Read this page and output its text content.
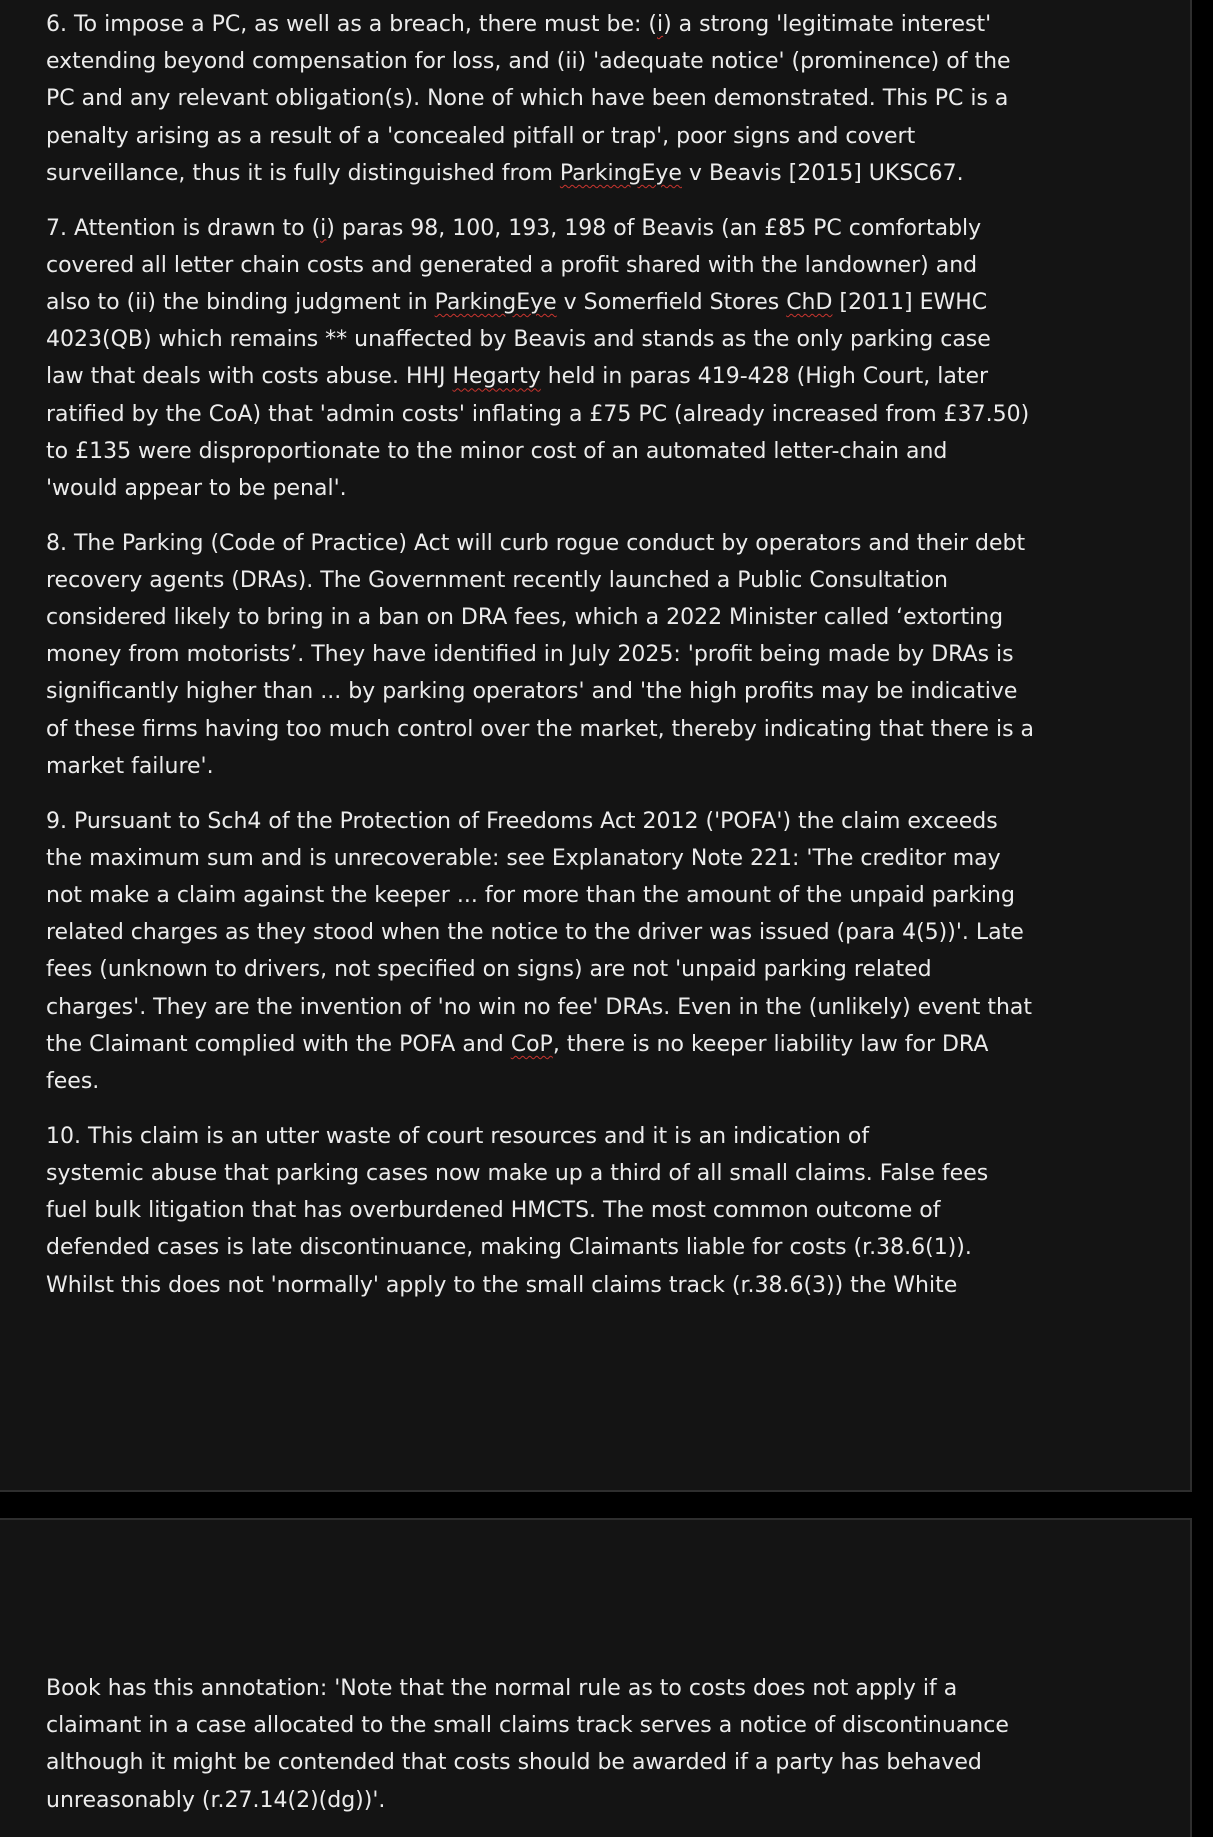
6. To impose a PC, as well as a breach, there must be: (i) a strong 'legitimate interest'
extending beyond compensation for loss, and (ii) 'adequate notice' (prominence) of the
PC and any relevant obligation(s). None of which have been demonstrated. This PC is a
penalty arising as a result of a 'concealed pitfall or trap', poor signs and covert
surveillance, thus it is fully distinguished from ParkingEye v Beavis [2015] UKSC67.

7. Attention is drawn to (i) paras 98, 100, 193, 198 of Beavis (an £85 PC comfortably
covered all letter chain costs and generated a profit shared with the landowner) and
also to (ii) the binding judgment in ParkingEye v Somerfield Stores ChD [2011] EWHC
4023(QB) which remains ** unaffected by Beavis and stands as the only parking case
law that deals with costs abuse. HHJ Hegarty held in paras 419-428 (High Court, later
ratified by the CoA) that 'admin costs' inflating a £75 PC (already increased from £37.50)
to £135 were disproportionate to the minor cost of an automated letter-chain and
'would appear to be penal'.

8. The Parking (Code of Practice) Act will curb rogue conduct by operators and their debt
recovery agents (DRAs). The Government recently launched a Public Consultation
considered likely to bring in a ban on DRA fees, which a 2022 Minister called ‘extorting
money from motorists’. They have identified in July 2025: 'profit being made by DRAs is
significantly higher than ... by parking operators' and 'the high profits may be indicative
of these firms having too much control over the market, thereby indicating that there is a
market failure'.

9. Pursuant to Sch4 of the Protection of Freedoms Act 2012 ('POFA') the claim exceeds
the maximum sum and is unrecoverable: see Explanatory Note 221: 'The creditor may
not make a claim against the keeper ... for more than the amount of the unpaid parking
related charges as they stood when the notice to the driver was issued (para 4(5))'. Late
fees (unknown to drivers, not specified on signs) are not 'unpaid parking related
charges'. They are the invention of 'no win no fee' DRAs. Even in the (unlikely) event that
the Claimant complied with the POFA and CoP, there is no keeper liability law for DRA
fees.

10. This claim is an utter waste of court resources and it is an indication of
systemic abuse that parking cases now make up a third of all small claims. False fees
fuel bulk litigation that has overburdened HMCTS. The most common outcome of
defended cases is late discontinuance, making Claimants liable for costs (r.38.6(1)).
Whilst this does not 'normally' apply to the small claims track (r.38.6(3)) the White

Book has this annotation: 'Note that the normal rule as to costs does not apply if a
claimant in a case allocated to the small claims track serves a notice of discontinuance
although it might be contended that costs should be awarded if a party has behaved
unreasonably (r.27.14(2)(dg))'.
